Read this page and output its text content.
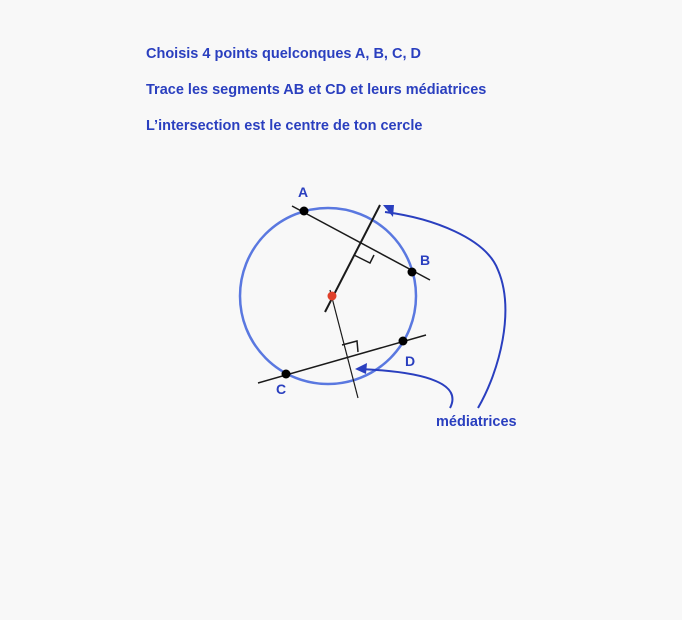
Choisis 4 points quelconques A, B, C, D
Trace les segments AB et CD et leurs médiatrices
L’intersection est le centre de ton cercle
A
B
C
D
médiatrices
